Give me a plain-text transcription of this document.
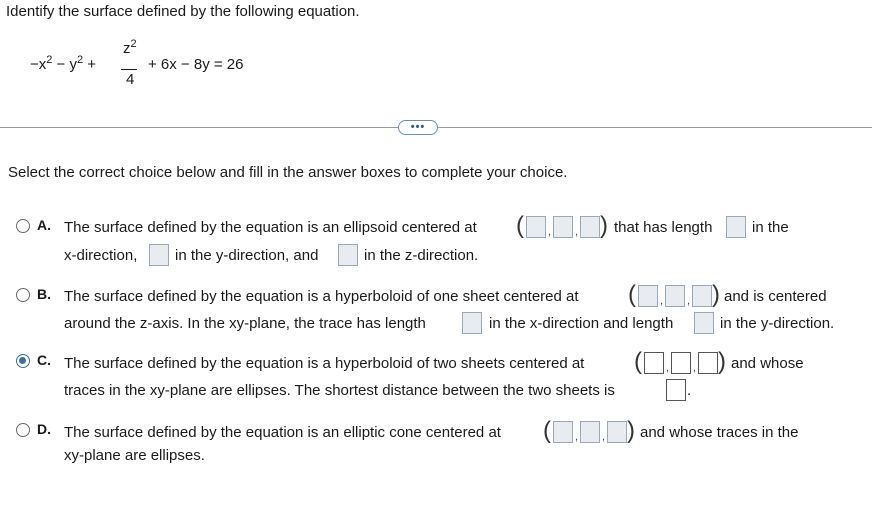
Identify the surface defined by the following equation.
$-x^2 - y^2$ +
$z^2$
4
+ 6x − 8y = 26
•••
Select the correct choice below and fill in the answer boxes to complete your choice.
A. The surface defined by the equation is an ellipsoid centered at ( , , ) that has length	in the
x-direction,	in the y-direction, and	in the z-direction.
B. The surface defined by the equation is a hyperboloid of one sheet centered at ( , , ) and is centered
around the z-axis. In the xy-plane, the trace has length	in the x-direction and length	in the y-direction.
C. The surface defined by the equation is a hyperboloid of two sheets centered at ( , , ) and whose
traces in the xy-plane are ellipses. The shortest distance between the two sheets is	.
D. The surface defined by the equation is an elliptic cone centered at ( , , ) and whose traces in the
xy-plane are ellipses.
